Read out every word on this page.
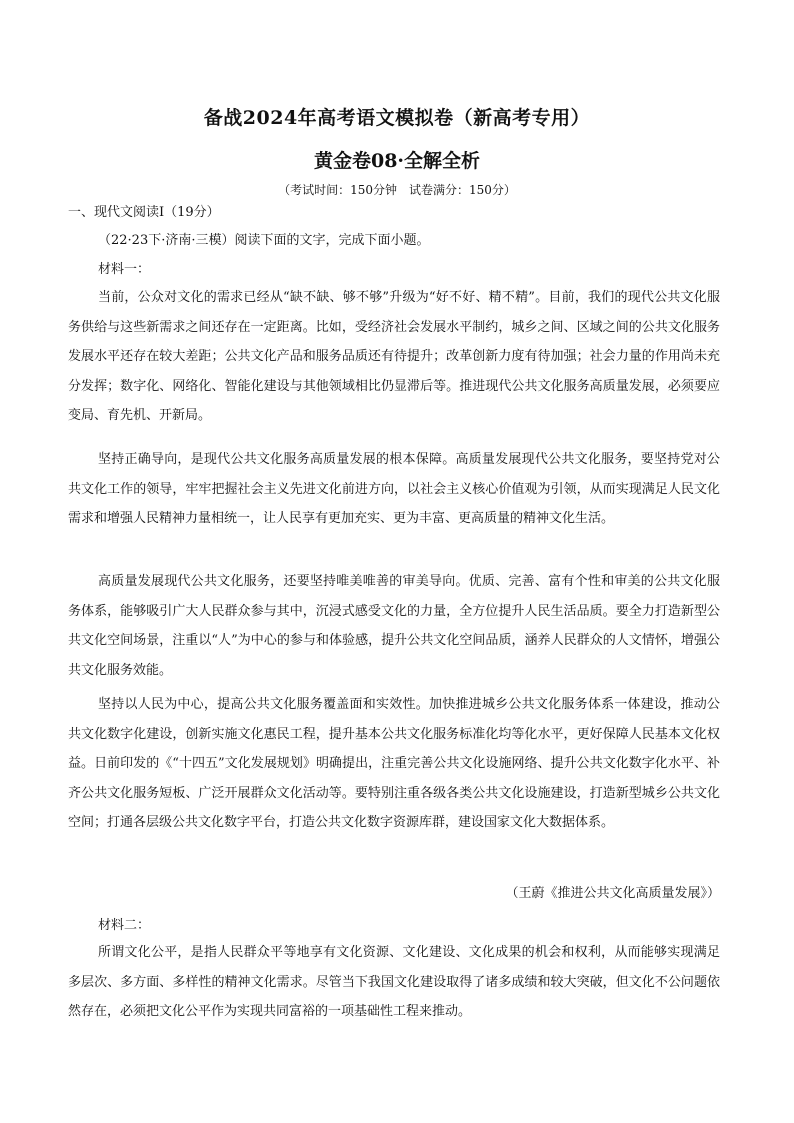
备战2024年高考语文模拟卷（新高考专用）
黄金卷08·全解全析
（考试时间：150分钟　试卷满分：150分）
一、现代文阅读Ⅰ（19分）
（22·23下·济南·三模）阅读下面的文字，完成下面小题。
材料一：

当前，公众对文化的需求已经从“缺不缺、够不够”升级为“好不好、精不精”。目前，我们的现代公共文化服务供给与这些新需求之间还存在一定距离。比如，受经济社会发展水平制约，城乡之间、区域之间的公共文化服务发展水平还存在较大差距；公共文化产品和服务品质还有待提升；改革创新力度有待加强；社会力量的作用尚未充分发挥；数字化、网络化、智能化建设与其他领域相比仍显滞后等。推进现代公共文化服务高质量发展，必须要应变局、育先机、开新局。

坚持正确导向，是现代公共文化服务高质量发展的根本保障。高质量发展现代公共文化服务，要坚持党对公共文化工作的领导，牢牢把握社会主义先进文化前进方向，以社会主义核心价值观为引领，从而实现满足人民文化需求和增强人民精神力量相统一，让人民享有更加充实、更为丰富、更高质量的精神文化生活。

高质量发展现代公共文化服务，还要坚持唯美唯善的审美导向。优质、完善、富有个性和审美的公共文化服务体系，能够吸引广大人民群众参与其中，沉浸式感受文化的力量，全方位提升人民生活品质。要全力打造新型公共文化空间场景，注重以“人”为中心的参与和体验感，提升公共文化空间品质，涵养人民群众的人文情怀，增强公共文化服务效能。

坚持以人民为中心，提高公共文化服务覆盖面和实效性。加快推进城乡公共文化服务体系一体建设，推动公共文化数字化建设，创新实施文化惠民工程，提升基本公共文化服务标准化均等化水平，更好保障人民基本文化权益。日前印发的《“十四五”文化发展规划》明确提出，注重完善公共文化设施网络、提升公共文化数字化水平、补齐公共文化服务短板、广泛开展群众文化活动等。要特别注重各级各类公共文化设施建设，打造新型城乡公共文化空间；打通各层级公共文化数字平台，打造公共文化数字资源库群，建设国家文化大数据体系。

（王蔚《推进公共文化高质量发展》）
材料二：

所谓文化公平，是指人民群众平等地享有文化资源、文化建设、文化成果的机会和权利，从而能够实现满足多层次、多方面、多样性的精神文化需求。尽管当下我国文化建设取得了诸多成绩和较大突破，但文化不公问题依然存在，必须把文化公平作为实现共同富裕的一项基础性工程来推动。
